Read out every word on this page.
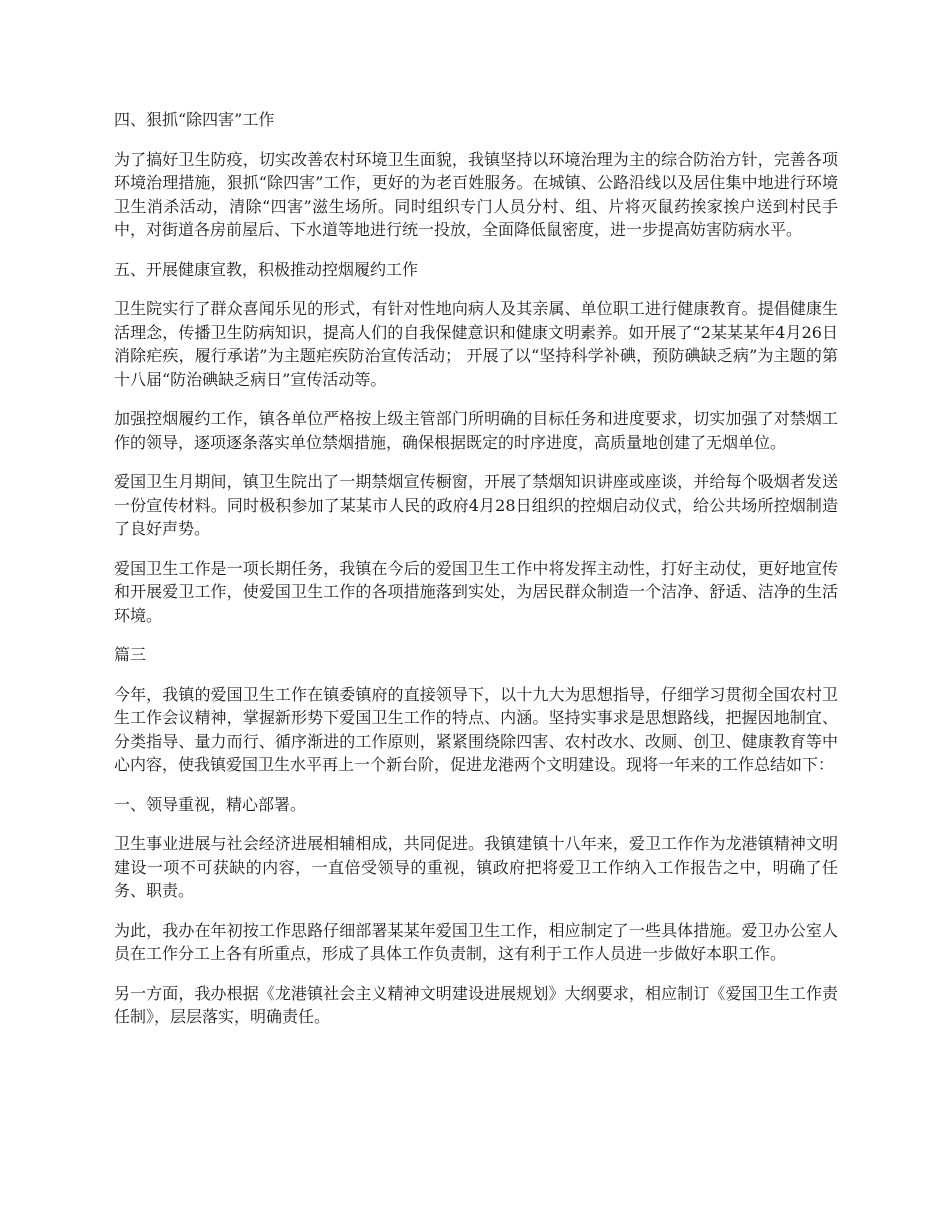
四、狠抓“除四害”工作

为了搞好卫生防疫，切实改善农村环境卫生面貌，我镇坚持以环境治理为主的综合防治方针，完善各项环境治理措施，狠抓“除四害”工作，更好的为老百姓服务。在城镇、公路沿线以及居住集中地进行环境卫生消杀活动，清除“四害”滋生场所。同时组织专门人员分村、组、片将灭鼠药挨家挨户送到村民手中，对街道各房前屋后、下水道等地进行统一投放，全面降低鼠密度，进一步提高妨害防病水平。

五、开展健康宣教，积极推动控烟履约工作

卫生院实行了群众喜闻乐见的形式，有针对性地向病人及其亲属、单位职工进行健康教育。提倡健康生活理念，传播卫生防病知识，提高人们的自我保健意识和健康文明素养。如开展了“2某某某年4月26日消除疟疾，履行承诺”为主题疟疾防治宣传活动； 开展了以“坚持科学补碘，预防碘缺乏病”为主题的第十八届“防治碘缺乏病日”宣传活动等。

加强控烟履约工作，镇各单位严格按上级主管部门所明确的目标任务和进度要求，切实加强了对禁烟工作的领导，逐项逐条落实单位禁烟措施，确保根据既定的时序进度，高质量地创建了无烟单位。

爱国卫生月期间，镇卫生院出了一期禁烟宣传橱窗，开展了禁烟知识讲座或座谈，并给每个吸烟者发送一份宣传材料。同时极积参加了某某市人民的政府4月28日组织的控烟启动仪式，给公共场所控烟制造了良好声势。

爱国卫生工作是一项长期任务，我镇在今后的爱国卫生工作中将发挥主动性，打好主动仗，更好地宣传和开展爱卫工作，使爱国卫生工作的各项措施落到实处，为居民群众制造一个洁净、舒适、洁净的生活环境。

篇三

今年，我镇的爱国卫生工作在镇委镇府的直接领导下，以十九大为思想指导，仔细学习贯彻全国农村卫生工作会议精神，掌握新形势下爱国卫生工作的特点、内涵。坚持实事求是思想路线，把握因地制宜、分类指导、量力而行、循序渐进的工作原则，紧紧围绕除四害、农村改水、改厕、创卫、健康教育等中心内容，使我镇爱国卫生水平再上一个新台阶，促进龙港两个文明建设。现将一年来的工作总结如下：

一、领导重视，精心部署。

卫生事业进展与社会经济进展相辅相成，共同促进。我镇建镇十八年来，爱卫工作作为龙港镇精神文明建设一项不可获缺的内容，一直倍受领导的重视，镇政府把将爱卫工作纳入工作报告之中，明确了任务、职责。

为此，我办在年初按工作思路仔细部署某某年爱国卫生工作，相应制定了一些具体措施。爱卫办公室人员在工作分工上各有所重点，形成了具体工作负责制，这有利于工作人员进一步做好本职工作。

另一方面，我办根据《龙港镇社会主义精神文明建设进展规划》大纲要求，相应制订《爱国卫生工作责任制》，层层落实，明确责任。
